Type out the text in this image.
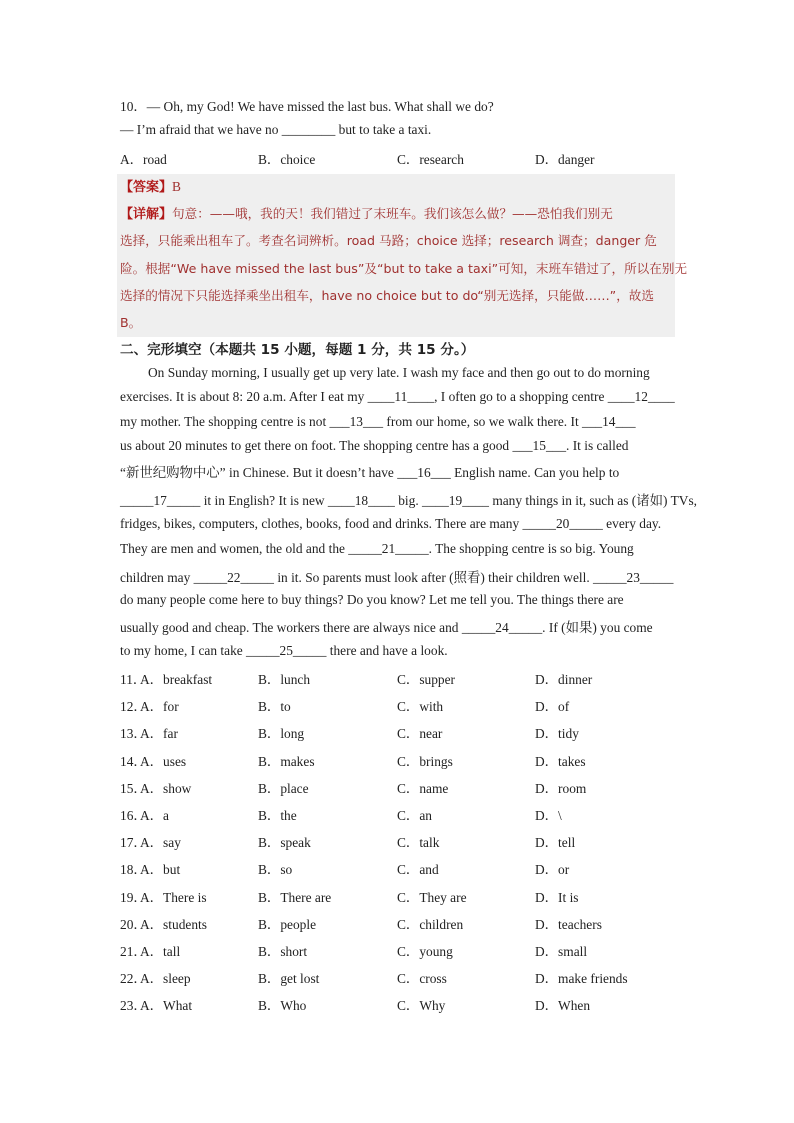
10．— Oh, my God! We have missed the last bus. What shall we do?
— I’m afraid that we have no ________ but to take a taxi.
A．road	B．choice	C．research	D．danger
【答案】B
【详解】句意：——哦，我的天！我们错过了末班车。我们该怎么做？——恐怕我们别无
选择，只能乘出租车了。考查名词辨析。road 马路；choice 选择；research 调查；danger 危
险。根据“We have missed the last bus”及“but to take a taxi”可知，末班车错过了，所以在别无
选择的情况下只能选择乘坐出租车，have no choice but to do“别无选择，只能做……”，故选
B。
二、完形填空（本题共 15 小题，每题 1 分，共 15 分。）
On Sunday morning, I usually get up very late. I wash my face and then go out to do morning
exercises. It is about 8: 20 a.m. After I eat my ____11____, I often go to a shopping centre ____12____
my mother. The shopping centre is not ___13___ from our home, so we walk there. It ___14___
us about 20 minutes to get there on foot. The shopping centre has a good ___15___. It is called
“新世纪购物中心” in Chinese. But it doesn’t have ___16___ English name. Can you help to
_____17_____ it in English? It is new ____18____ big. ____19____ many things in it, such as (诸如) TVs,
fridges, bikes, computers, clothes, books, food and drinks. There are many _____20_____ every day.
They are men and women, the old and the _____21_____. The shopping centre is so big. Young
children may _____22_____ in it. So parents must look after (照看) their children well. _____23_____
do many people come here to buy things? Do you know? Let me tell you. The things there are
usually good and cheap. The workers there are always nice and _____24_____. If (如果) you come
to my home, I can take _____25_____ there and have a look.
11．
A．breakfast	B．lunch	C．supper	D．dinner
12．
A．for	B．to	C．with	D．of
13．
A．far	B．long	C．near	D．tidy
14．
A．uses	B．makes	C．brings	D．takes
15．
A．show	B．place	C．name	D．room
16．
A．a	B．the	C．an	D．\
17．
A．say	B．speak	C．talk	D．tell
18．
A．but	B．so	C．and	D．or
19．
A．There is	B．There are	C．They are	D．It is
20．
A．students	B．people	C．children	D．teachers
21．
A．tall	B．short	C．young	D．small
22．
A．sleep	B．get lost	C．cross	D．make friends
23．
A．What	B．Who	C．Why	D．When
